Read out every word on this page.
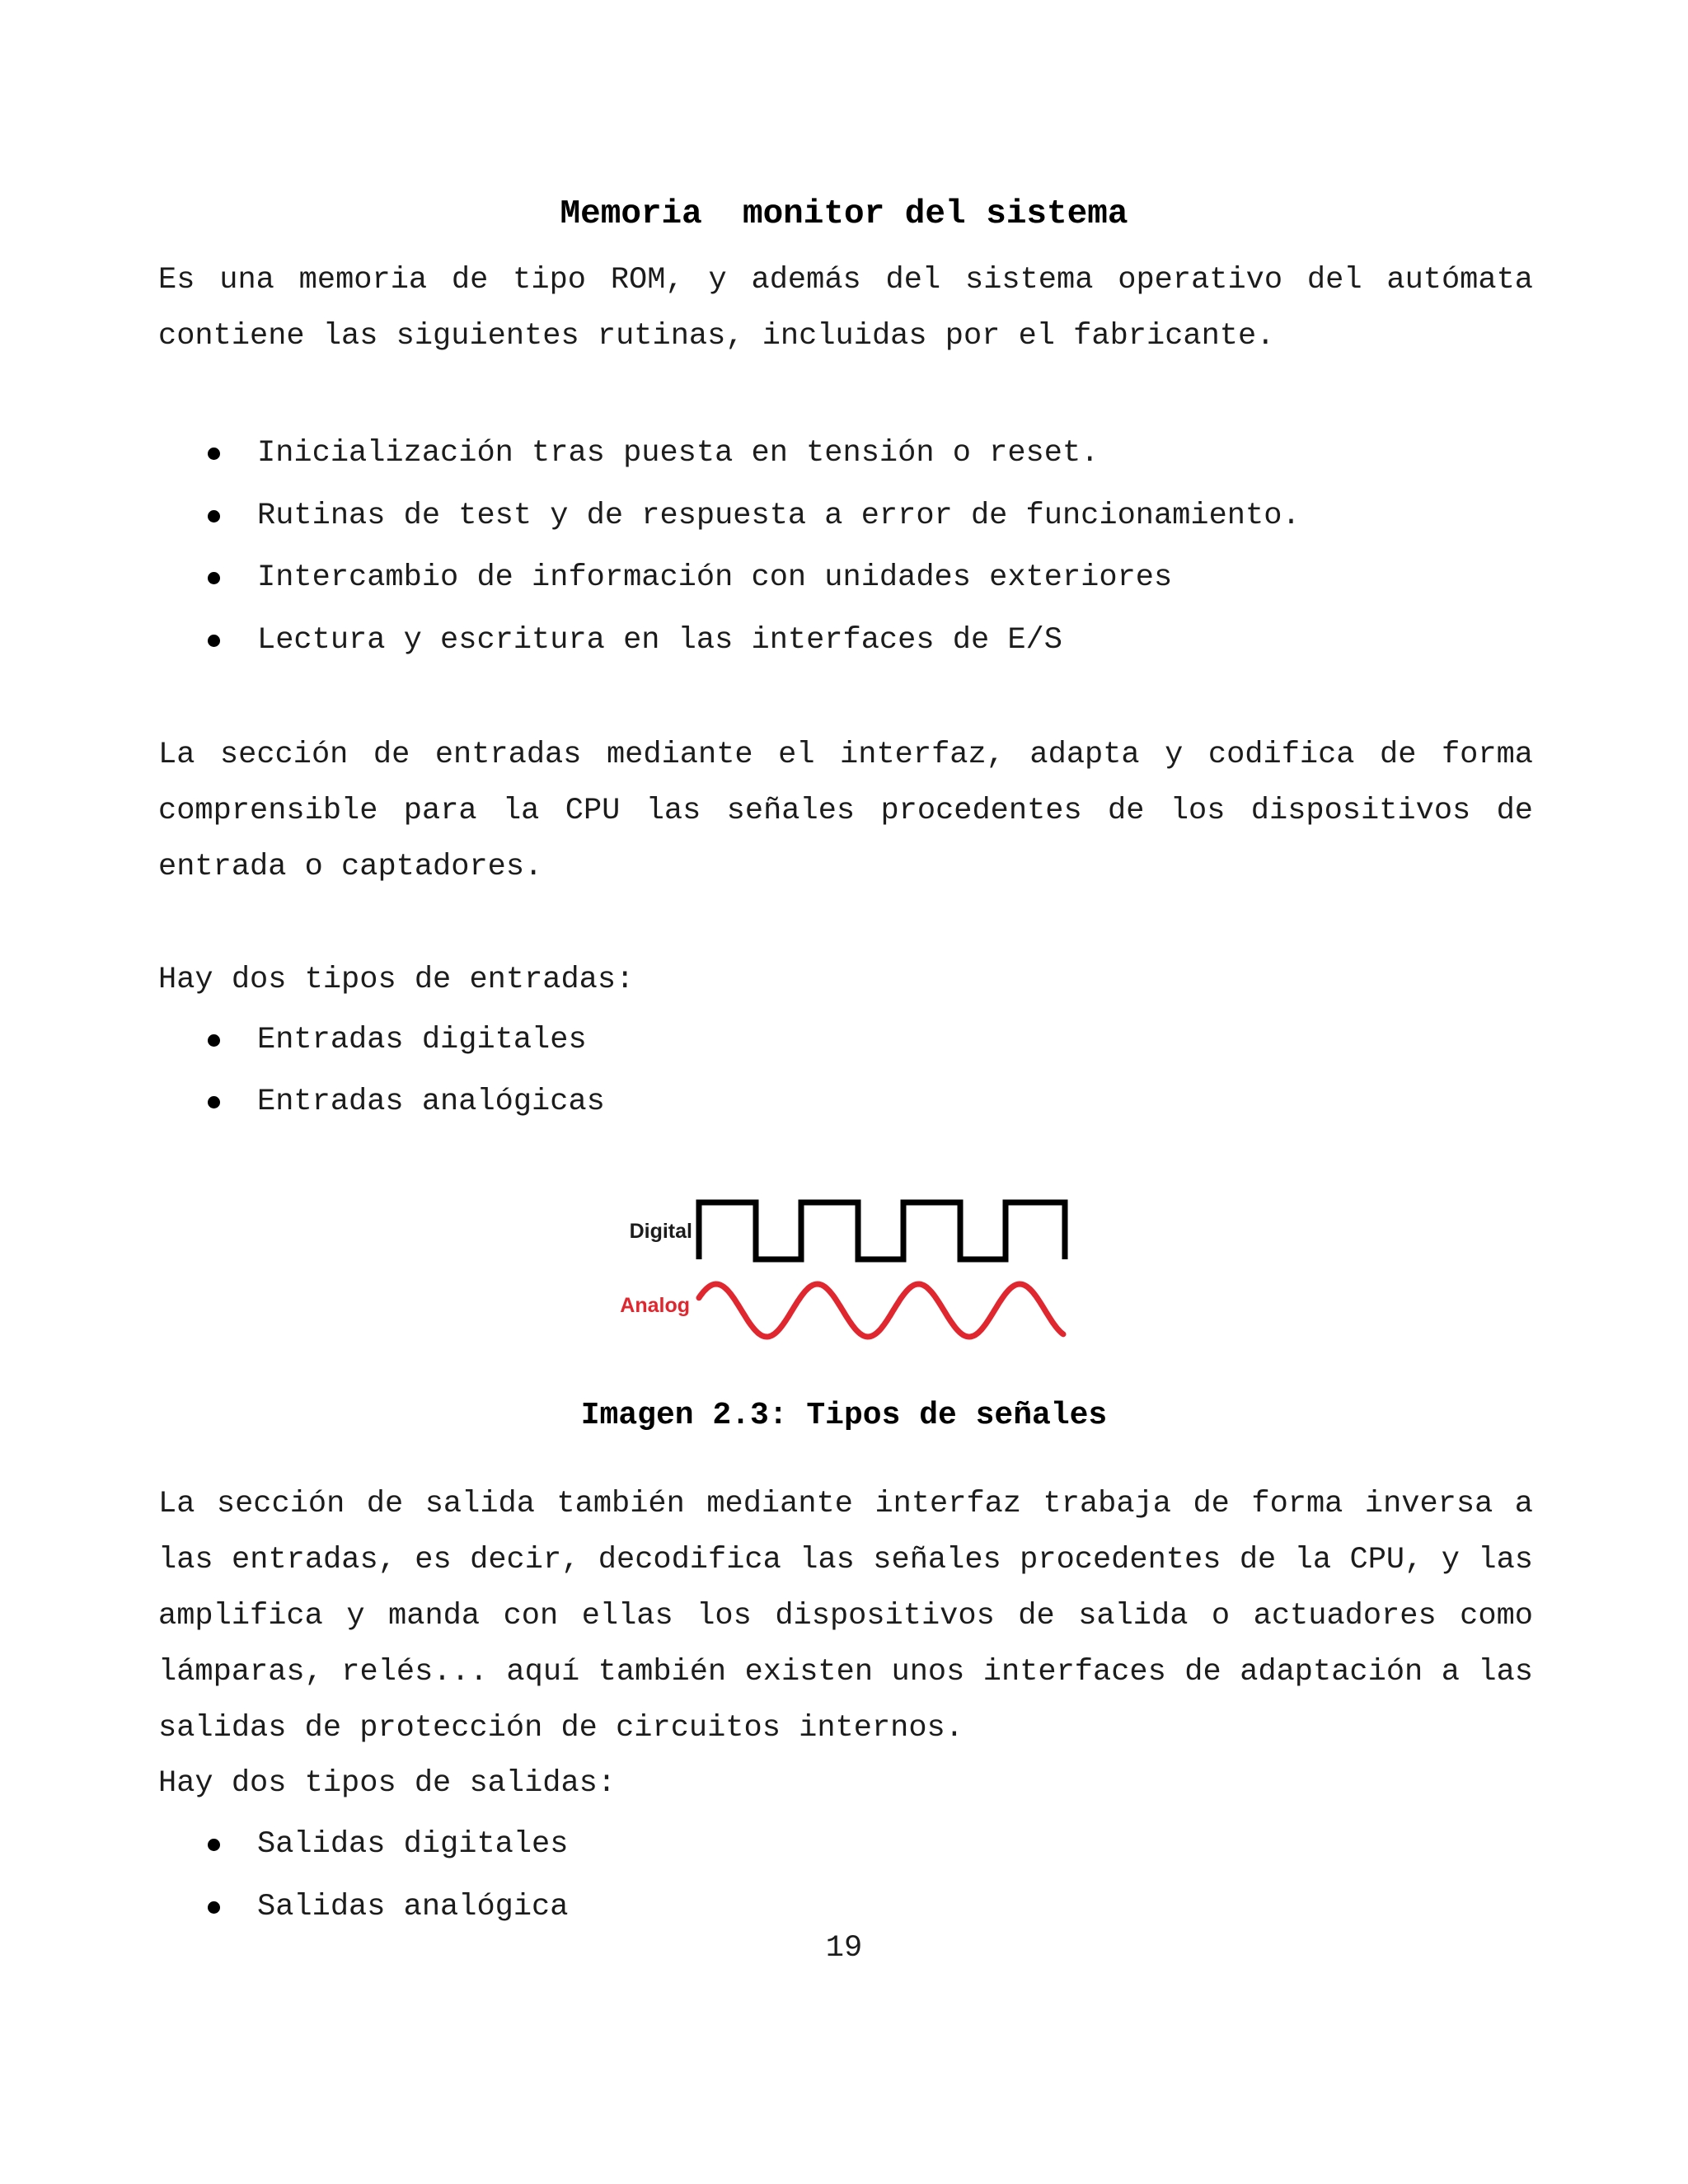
Memoria  monitor del sistema
Es una memoria de tipo ROM, y además del sistema operativo del autómata contiene las siguientes rutinas, incluidas por el fabricante.
Inicialización tras puesta en tensión o reset.
Rutinas de test y de respuesta a error de funcionamiento.
Intercambio de información con unidades exteriores
Lectura y escritura en las interfaces de E/S
La sección de entradas mediante el interfaz, adapta y codifica de forma comprensible para la CPU las señales procedentes de los dispositivos de entrada o captadores.
Hay dos tipos de entradas:
Entradas digitales
Entradas analógicas
Digital
Analog
Imagen 2.3: Tipos de señales
La sección de salida también mediante interfaz trabaja de forma inversa a las entradas, es decir, decodifica las señales procedentes de la CPU, y las amplifica y manda con ellas los dispositivos de salida o actuadores como lámparas, relés... aquí también existen unos interfaces de adaptación a las salidas de protección de circuitos internos.
Hay dos tipos de salidas:
Salidas digitales
Salidas analógica
19
